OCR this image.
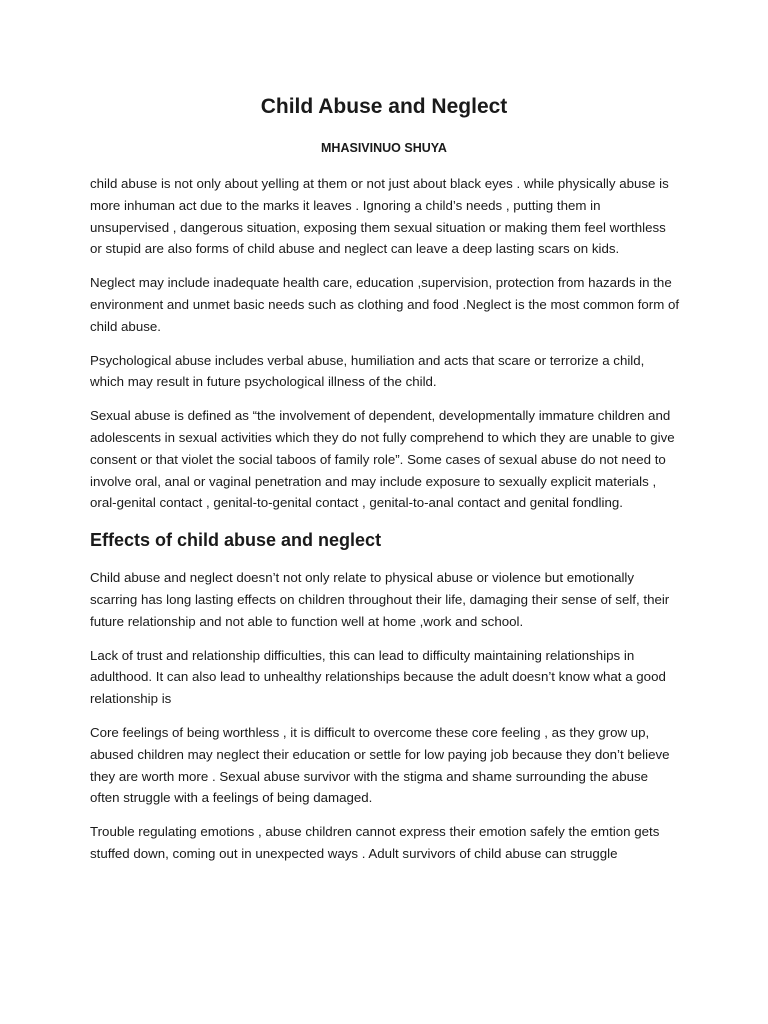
Child Abuse and Neglect
MHASIVINUO SHUYA

child abuse is not only about yelling at them or not just about black eyes . while physically abuse is more inhuman act due to the marks it leaves . Ignoring a child’s needs , putting them in unsupervised , dangerous situation, exposing them sexual situation or making them feel worthless or stupid are also forms of child abuse and neglect can leave a deep lasting scars on kids.

Neglect may include inadequate health care, education ,supervision, protection from hazards in the environment and unmet basic needs such as clothing and food .Neglect is the most common form of child abuse.

Psychological abuse includes verbal abuse, humiliation and acts that scare or terrorize a child, which may result in future psychological illness of the child.

Sexual abuse is defined as “the involvement of dependent, developmentally immature children and adolescents in sexual activities which they do not fully comprehend to which they are unable to give consent or that violet the social taboos of family role”. Some cases of sexual abuse do not need to involve oral, anal or vaginal penetration and may include exposure to sexually explicit materials , oral-genital contact , genital-to-genital contact , genital-to-anal contact and genital fondling.

Effects of child abuse and neglect

Child abuse and neglect doesn’t not only relate to physical abuse or violence but emotionally scarring has long lasting effects on children throughout their life, damaging their sense of self, their future relationship and not able to function well at home ,work and school.

Lack of trust and relationship difficulties, this can lead to difficulty maintaining relationships in adulthood. It can also lead to unhealthy relationships because the adult doesn’t know what a good relationship is

Core feelings of being worthless , it is difficult to overcome these core feeling , as they grow up, abused children may neglect their education or settle for low paying job because they don’t believe they are worth more . Sexual abuse survivor with the stigma and shame surrounding the abuse often struggle with a feelings of being damaged.

Trouble regulating emotions , abuse children cannot express their emotion safely the emtion gets stuffed down, coming out in unexpected ways . Adult survivors of child abuse can struggle
